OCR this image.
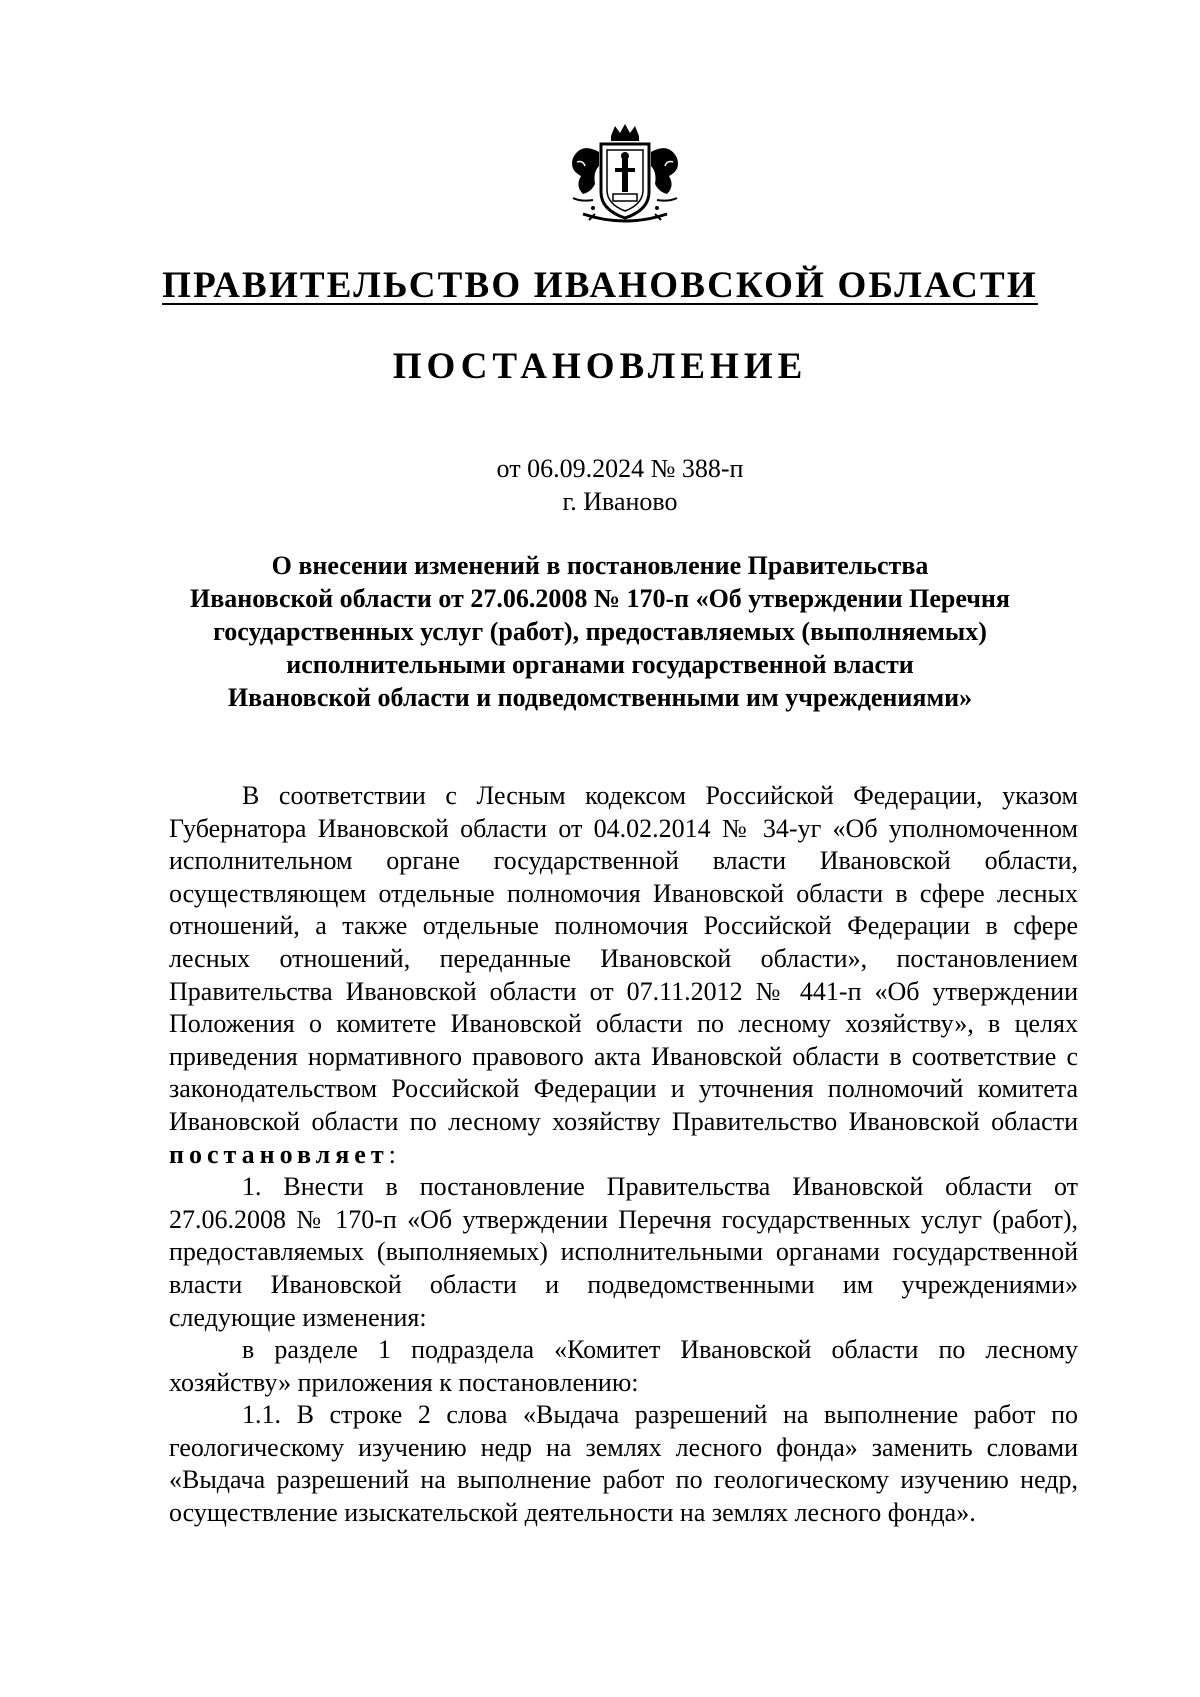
ПРАВИТЕЛЬСТВО ИВАНОВСКОЙ ОБЛАСТИ
ПОСТАНОВЛЕНИЕ
от 06.09.2024 № 388-п
г. Иваново
О внесении изменений в постановление Правительства
Ивановской области от 27.06.2008 № 170-п «Об утверждении Перечня
государственных услуг (работ), предоставляемых (выполняемых)
исполнительными органами государственной власти
Ивановской области и подведомственными им учреждениями»

В соответствии с Лесным кодексом Российской Федерации, указом Губернатора Ивановской области от 04.02.2014 № 34-уг «Об уполномоченном исполнительном органе государственной власти Ивановской области, осуществляющем отдельные полномочия Ивановской области в сфере лесных отношений, а также отдельные полномочия Российской Федерации в сфере лесных отношений, переданные Ивановской области», постановлением Правительства Ивановской области от 07.11.2012 № 441-п «Об утверждении Положения о комитете Ивановской области по лесному хозяйству», в целях приведения нормативного правового акта Ивановской области в соответствие с законодательством Российской Федерации и уточнения полномочий комитета Ивановской области по лесному хозяйству Правительство Ивановской области постановляет:

1. Внести в постановление Правительства Ивановской области от 27.06.2008 № 170-п «Об утверждении Перечня государственных услуг (работ), предоставляемых (выполняемых) исполнительными органами государственной власти Ивановской области и подведомственными им учреждениями» следующие изменения:

в разделе 1 подраздела «Комитет Ивановской области по лесному хозяйству» приложения к постановлению:

1.1. В строке 2 слова «Выдача разрешений на выполнение работ по геологическому изучению недр на землях лесного фонда» заменить словами «Выдача разрешений на выполнение работ по геологическому изучению недр, осуществление изыскательской деятельности на землях лесного фонда».
